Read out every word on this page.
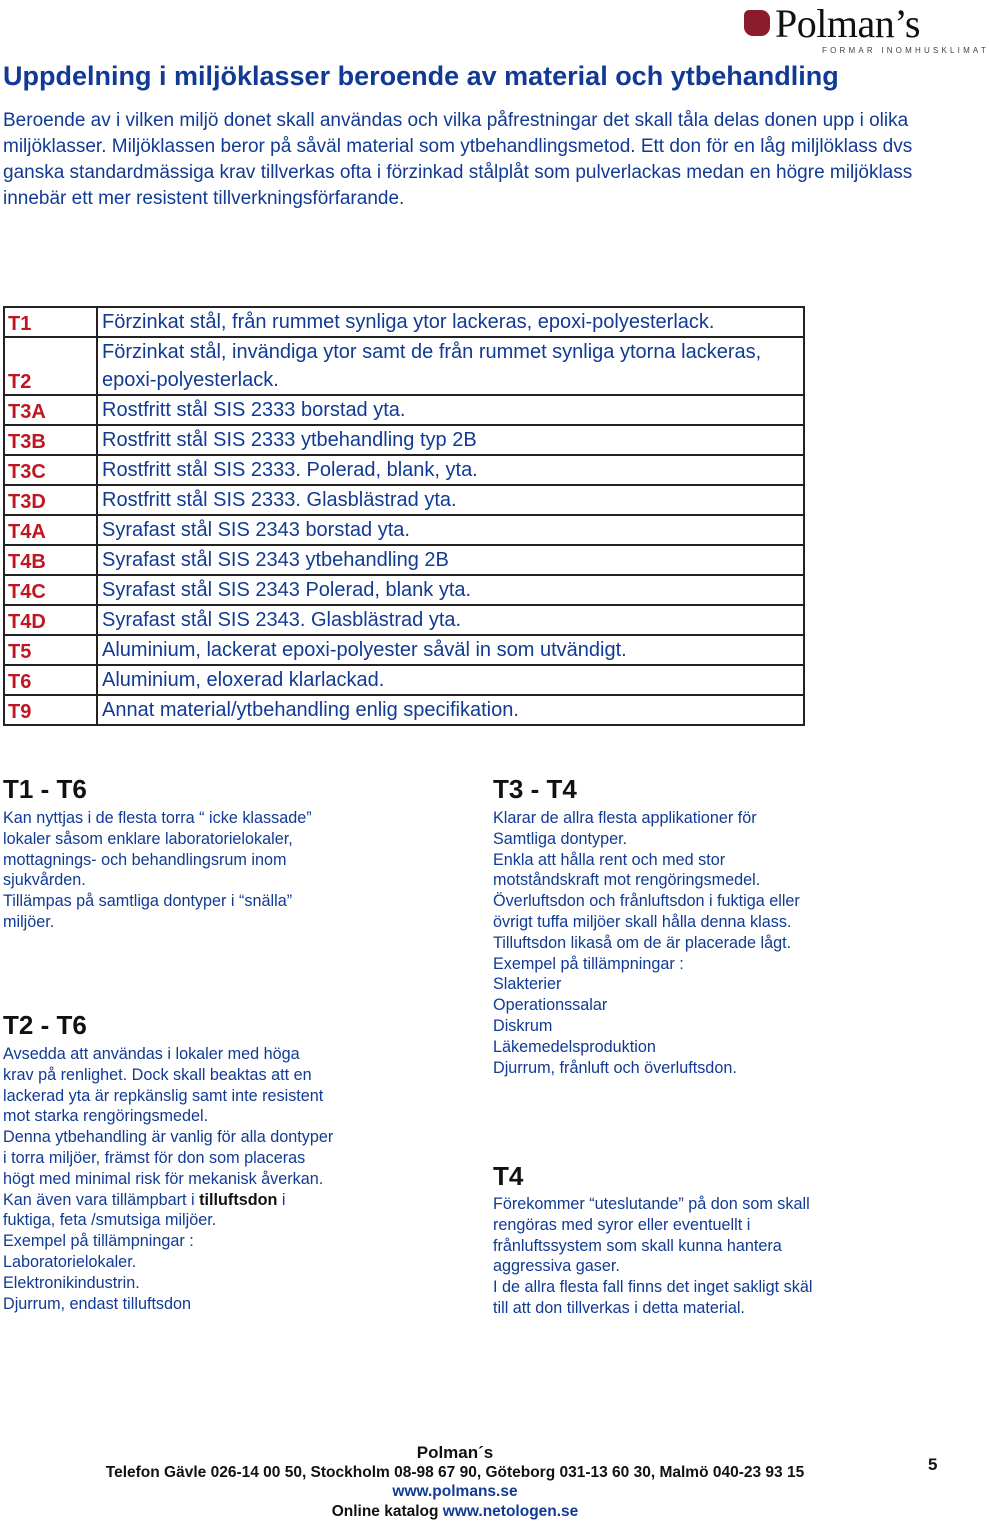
Polman’s
FORMAR INOMHUSKLIMAT
Uppdelning i miljöklasser beroende av material och ytbehandling

Beroende av i vilken miljö donet skall användas och vilka påfrestningar det skall tåla delas donen upp i olika miljöklasser. Miljöklassen beror på såväl material som ytbehandlingsmetod. Ett don för en låg miljlöklass dvs ganska standardmässiga krav tillverkas ofta i förzinkad stålplåt som pulverlackas medan en högre miljöklass innebär ett mer resistent tillverkningsförfarande.

T1	Förzinkat stål, från rummet synliga ytor lackeras, epoxi-polyesterlack.
T2	Förzinkat stål, invändiga ytor samt de från rummet synliga ytorna lackeras, epoxi-polyesterlack.
T3A	Rostfritt stål SIS 2333 borstad yta.
T3B	Rostfritt stål SIS 2333 ytbehandling typ 2B
T3C	Rostfritt stål SIS 2333. Polerad, blank, yta.
T3D	Rostfritt stål SIS 2333. Glasblästrad yta.
T4A	Syrafast stål SIS 2343 borstad yta.
T4B	Syrafast stål SIS 2343 ytbehandling 2B
T4C	Syrafast stål SIS 2343 Polerad, blank yta.
T4D	Syrafast stål SIS 2343. Glasblästrad yta.
T5	Aluminium, lackerat epoxi-polyester såväl in som utvändigt.
T6	Aluminium, eloxerad klarlackad.
T9	Annat material/ytbehandling enlig specifikation.
T1 - T6
Kan nyttjas i de flesta torra “ icke klassade”
lokaler såsom enklare laboratorielokaler,
mottagnings- och behandlingsrum inom
sjukvården.
Tillämpas på samtliga dontyper i “snälla”
miljöer.
T2 - T6
Avsedda att användas i lokaler med höga
krav på renlighet. Dock skall beaktas att en
lackerad yta är repkänslig samt inte resistent
mot starka rengöringsmedel.
Denna ytbehandling är vanlig för alla dontyper
i torra miljöer, främst för don som placeras
högt med minimal risk för mekanisk åverkan.
Kan även vara tillämpbart i tilluftsdon i
fuktiga, feta /smutsiga miljöer.
Exempel på tillämpningar :
Laboratorielokaler.
Elektronikindustrin.
Djurrum, endast tilluftsdon
T3 - T4
Klarar de allra flesta applikationer för
Samtliga dontyper.
Enkla att hålla rent och med stor
motståndskraft mot rengöringsmedel.
Överluftsdon och frånluftsdon i fuktiga eller
övrigt tuffa miljöer skall hålla denna klass.
Tilluftsdon likaså om de är placerade lågt.
Exempel på tillämpningar :
Slakterier
Operationssalar
Diskrum
Läkemedelsproduktion
Djurrum, frånluft och överluftsdon.
T4
Förekommer “uteslutande” på don som skall
rengöras med syror eller eventuellt i
frånluftssystem som skall kunna hantera
aggressiva gaser.
I de allra flesta fall finns det inget sakligt skäl
till att don tillverkas i detta material.
Polman´s
Telefon Gävle 026-14 00 50, Stockholm 08-98 67 90, Göteborg 031-13 60 30, Malmö 040-23 93 15
www.polmans.se
Online katalog www.netologen.se
5
